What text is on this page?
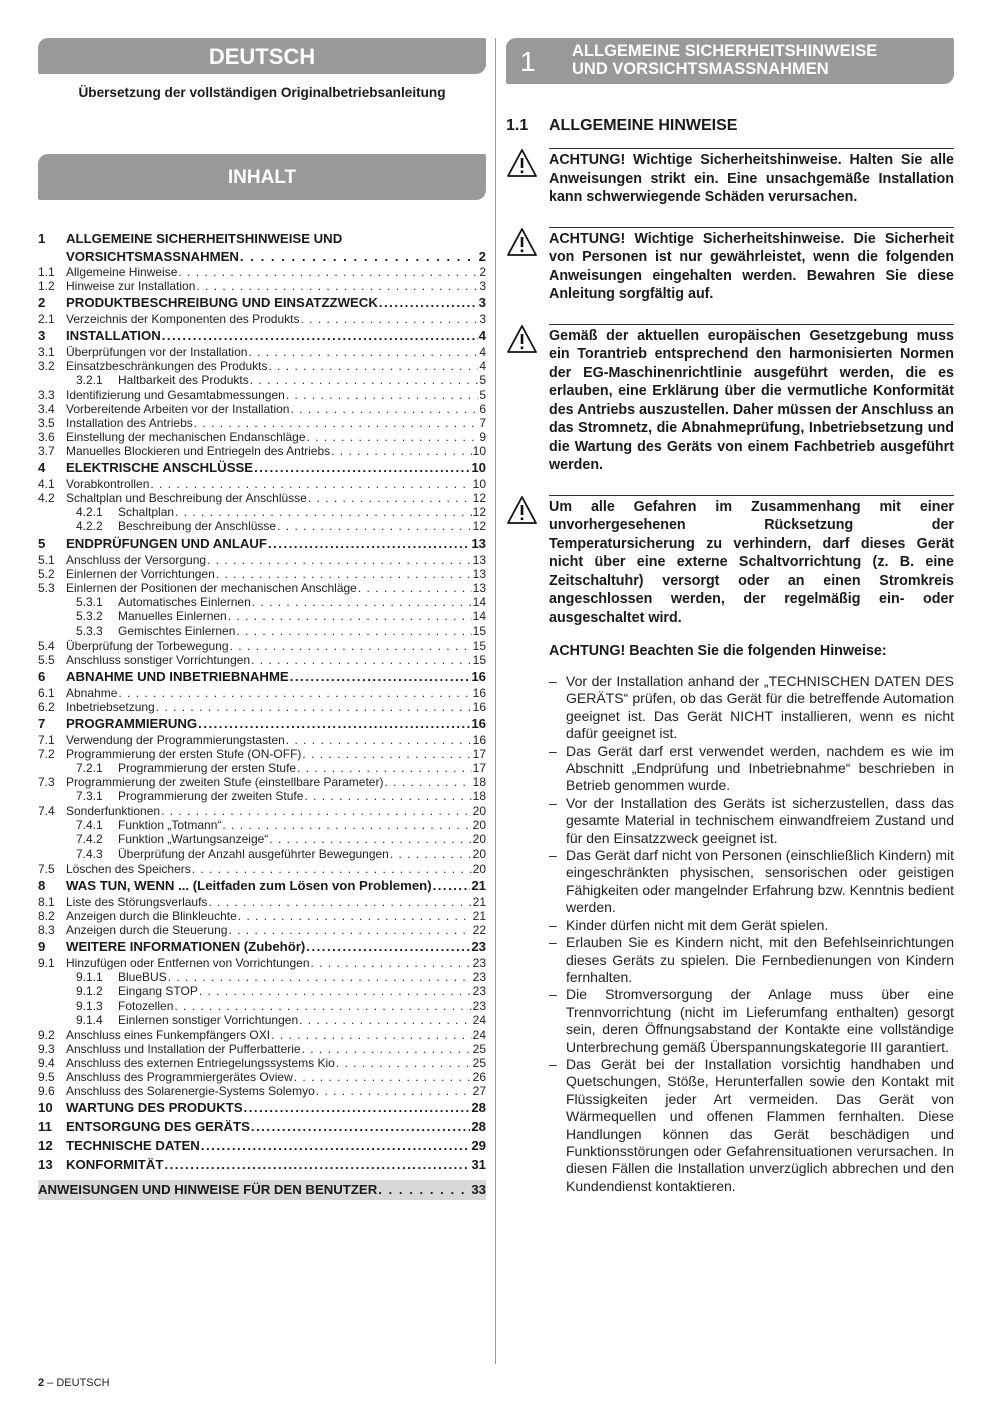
DEUTSCH
Übersetzung der vollständigen Originalbetriebsanleitung
INHALT
1 ALLGEMEINE SICHERHEITSHINWEISE UND
VORSICHTSMASSNAHMEN . . .	2
1.1 Allgemeine Hinweise . . .	2
1.2 Hinweise zur Installation . . .	3
2 PRODUKTBESCHREIBUNG UND EINSATZZWECK .....	3
2.1 Verzeichnis der Komponenten des Produkts . . .	3
3 INSTALLATION .....	4
3.1 Überprüfungen vor der Installation . . .	4
3.2 Einsatzbeschränkungen des Produkts . . .	4
3.2.1 Haltbarkeit des Produkts . . .	5
3.3 Identifizierung und Gesamtabmessungen . . .	5
3.4 Vorbereitende Arbeiten vor der Installation . . .	6
3.5 Installation des Antriebs . . .	7
3.6 Einstellung der mechanischen Endanschläge . . .	9
3.7 Manuelles Blockieren und Entriegeln des Antriebs . . .	10
4 ELEKTRISCHE ANSCHLÜSSE .....	10
4.1 Vorabkontrollen . . .	10
4.2 Schaltplan und Beschreibung der Anschlüsse . . .	12
4.2.1 Schaltplan . . .	12
4.2.2 Beschreibung der Anschlüsse . . .	12
5 ENDPRÜFUNGEN UND ANLAUF .....	13
5.1 Anschluss der Versorgung . . .	13
5.2 Einlernen der Vorrichtungen . . .	13
5.3 Einlernen der Positionen der mechanischen Anschläge . . .	13
5.3.1 Automatisches Einlernen . . .	14
5.3.2 Manuelles Einlernen . . .	14
5.3.3 Gemischtes Einlernen . . .	15
5.4 Überprüfung der Torbewegung . . .	15
5.5 Anschluss sonstiger Vorrichtungen . . .	15
6 ABNAHME UND INBETRIEBNAHME .....	16
6.1 Abnahme . . .	16
6.2 Inbetriebsetzung . . .	16
7 PROGRAMMIERUNG .....	16
7.1 Verwendung der Programmierungstasten . . .	16
7.2 Programmierung der ersten Stufe (ON-OFF) . . .	17
7.2.1 Programmierung der ersten Stufe . . .	17
7.3 Programmierung der zweiten Stufe (einstellbare Parameter) . . .	18
7.3.1 Programmierung der zweiten Stufe . . .	18
7.4 Sonderfunktionen . . .	20
7.4.1 Funktion „Totmann“ . . .	20
7.4.2 Funktion „Wartungsanzeige“ . . .	20
7.4.3 Überprüfung der Anzahl ausgeführter Bewegungen . . .	20
7.5 Löschen des Speichers . . .	20
8 WAS TUN, WENN ... (Leitfaden zum Lösen von Problemen) .....	21
8.1 Liste des Störungsverlaufs . . .	21
8.2 Anzeigen durch die Blinkleuchte . . .	21
8.3 Anzeigen durch die Steuerung . . .	22
9 WEITERE INFORMATIONEN (Zubehör) .....	23
9.1 Hinzufügen oder Entfernen von Vorrichtungen . . .	23
9.1.1 BlueBUS . . .	23
9.1.2 Eingang STOP . . .	23
9.1.3 Fotozellen . . .	23
9.1.4 Einlernen sonstiger Vorrichtungen . . .	24
9.2 Anschluss eines Funkempfängers OXI . . .	24
9.3 Anschluss und Installation der Pufferbatterie . . .	25
9.4 Anschluss des externen Entriegelungssystems Kio . . .	25
9.5 Anschluss des Programmiergerätes Oview . . .	26
9.6 Anschluss des Solarenergie-Systems Solemyo . . .	27
10 WARTUNG DES PRODUKTS .....	28
11 ENTSORGUNG DES GERÄTS .....	28
12 TECHNISCHE DATEN .....	29
13 KONFORMITÄT .....	31
ANWEISUNGEN UND HINWEISE FÜR DEN BENUTZER . . .	33
1 ALLGEMEINE SICHERHEITSHINWEISE
UND VORSICHTSMASSNAHMEN
1.1	ALLGEMEINE HINWEISE

ACHTUNG! Wichtige Sicherheitshinweise. Halten Sie alle Anweisungen strikt ein. Eine unsachgemäße Installation kann schwerwiegende Schäden verursachen.

ACHTUNG! Wichtige Sicherheitshinweise. Die Sicherheit von Personen ist nur gewährleistet, wenn die folgenden Anweisungen eingehalten werden. Bewahren Sie diese Anleitung sorgfältig auf.

Gemäß der aktuellen europäischen Gesetzgebung muss ein Torantrieb entsprechend den harmonisierten Normen der EG-Maschinenrichtlinie ausgeführt werden, die es erlauben, eine Erklärung über die vermutliche Konformität des Antriebs auszustellen. Daher müssen der Anschluss an das Stromnetz, die Abnahmeprüfung, Inbetriebsetzung und die Wartung des Geräts von einem Fachbetrieb ausgeführt werden.

Um alle Gefahren im Zusammenhang mit einer unvorhergesehenen Rücksetzung der Temperatursicherung zu verhindern, darf dieses Gerät nicht über eine externe Schaltvorrichtung (z. B. eine Zeitschaltuhr) versorgt oder an einen Stromkreis angeschlossen werden, der regelmäßig ein- oder ausgeschaltet wird.

ACHTUNG! Beachten Sie die folgenden Hinweise:
– Vor der Installation anhand der „TECHNISCHEN DATEN DES GERÄTS“ prüfen, ob das Gerät für die betreffende Automation geeignet ist. Das Gerät NICHT installieren, wenn es nicht dafür geeignet ist.
– Das Gerät darf erst verwendet werden, nachdem es wie im Abschnitt „Endprüfung und Inbetriebnahme“ beschrieben in Betrieb genommen wurde.
– Vor der Installation des Geräts ist sicherzustellen, dass das gesamte Material in technischem einwandfreiem Zustand und für den Einsatzzweck geeignet ist.
– Das Gerät darf nicht von Personen (einschließlich Kindern) mit eingeschränkten physischen, sensorischen oder geistigen Fähigkeiten oder mangelnder Erfahrung bzw. Kenntnis bedient werden.
– Kinder dürfen nicht mit dem Gerät spielen.
– Erlauben Sie es Kindern nicht, mit den Befehlseinrichtungen dieses Geräts zu spielen. Die Fernbedienungen von Kindern fernhalten.
– Die Stromversorgung der Anlage muss über eine Trennvorrichtung (nicht im Lieferumfang enthalten) gesorgt sein, deren Öffnungsabstand der Kontakte eine vollständige Unterbrechung gemäß Überspannungskategorie III garantiert.
– Das Gerät bei der Installation vorsichtig handhaben und Quetschungen, Stöße, Herunterfallen sowie den Kontakt mit Flüssigkeiten jeder Art vermeiden. Das Gerät von Wärmequellen und offenen Flammen fernhalten. Diese Handlungen können das Gerät beschädigen und Funktionsstörungen oder Gefahrensituationen verursachen. In diesen Fällen die Installation unverzüglich abbrechen und den Kundendienst kontaktieren.
2 – DEUTSCH
